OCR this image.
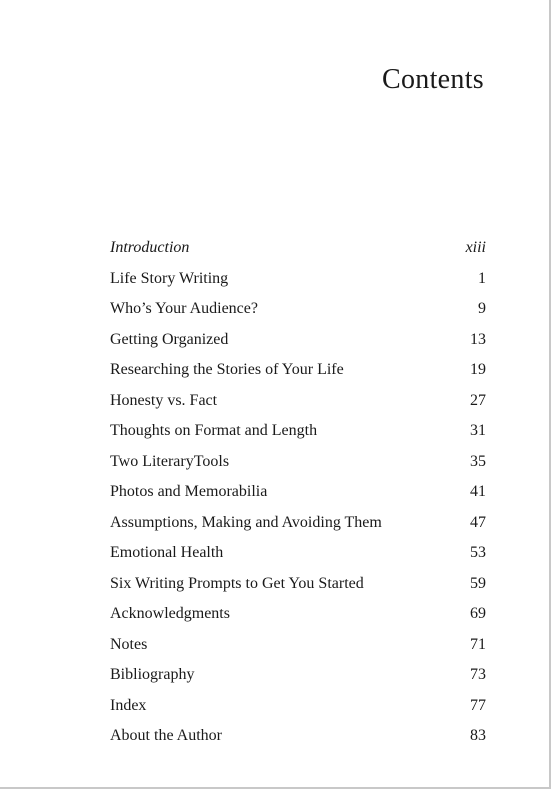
Contents
Introduction	xiii
Life Story Writing	1
Who’s Your Audience?	9
Getting Organized	13
Researching the Stories of Your Life	19
Honesty vs. Fact	27
Thoughts on Format and Length	31
Two LiteraryTools	35
Photos and Memorabilia	41
Assumptions, Making and Avoiding Them	47
Emotional Health	53
Six Writing Prompts to Get You Started	59
Acknowledgments	69
Notes	71
Bibliography	73
Index	77
About the Author	83
